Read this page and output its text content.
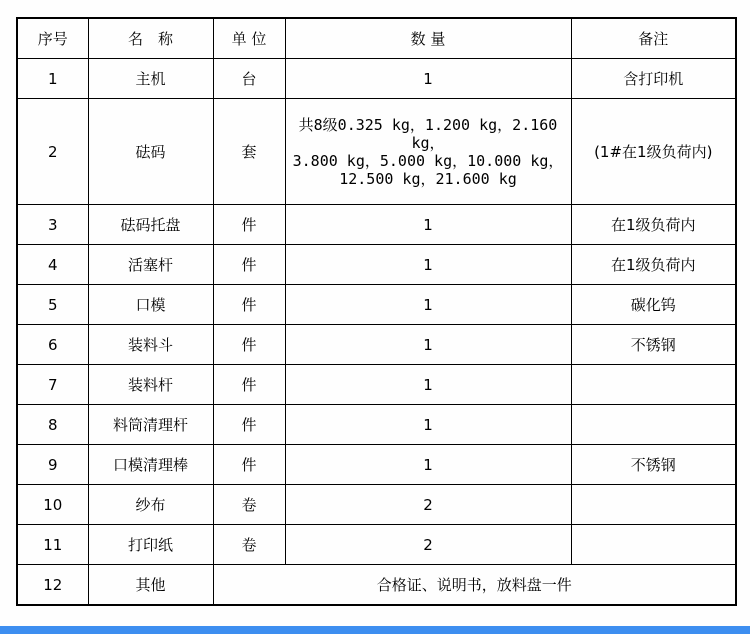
序号	名　称	单 位	数 量	备注
1	主机	台	1	含打印机
2	砝码	套	共8级0.325 kg，1.200 kg，2.160 kg，
3.800 kg，5.000 kg，10.000 kg，
12.500 kg，21.600 kg	(1#在1级负荷内)
3	砝码托盘	件	1	在1级负荷内
4	活塞杆	件	1	在1级负荷内
5	口模	件	1	碳化钨
6	装料斗	件	1	不锈钢
7	装料杆	件	1	
8	料筒清理杆	件	1	
9	口模清理棒	件	1	不锈钢
10	纱布	卷	2	
11	打印纸	卷	2	
12	其他	合格证、说明书，放料盘一件		
